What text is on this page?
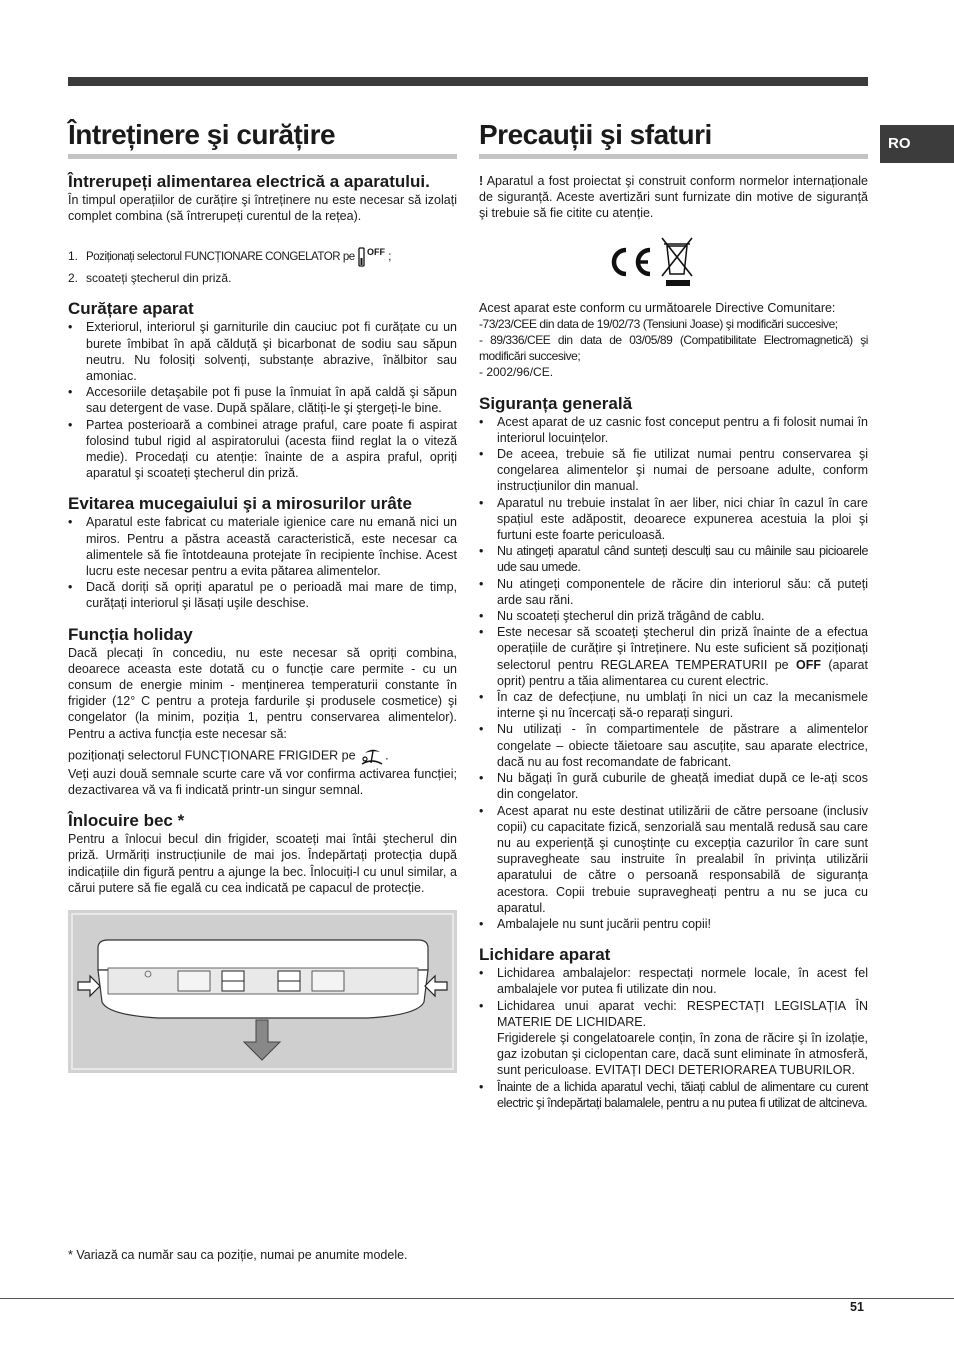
RO
Întreținere şi curățire
Întrerupeți alimentarea electrică a aparatului.

În timpul operațiilor de curățire şi întreținere nu este necesar să izolați complet combina (să întrerupeți curentul de la rețea).

1. Poziționați selectorul FUNCȚIONARE CONGELATOR pe OFF ;
2. scoateți ştecherul din priză.
Curățare aparat
• Exteriorul, interiorul şi garniturile din cauciuc pot fi curățate cu un burete îmbibat în apă călduță şi bicarbonat de sodiu sau săpun neutru. Nu folosiți solvenți, substanțe abrazive, înălbitor sau amoniac.
• Accesoriile detaşabile pot fi puse la înmuiat în apă caldă şi săpun sau detergent de vase. După spălare, clătiți-le şi ştergeți-le bine.
• Partea posterioară a combinei atrage praful, care poate fi aspirat folosind tubul rigid al aspiratorului (acesta fiind reglat la o viteză medie). Procedați cu atenție: înainte de a aspira praful, opriți aparatul şi scoateți ştecherul din priză.
Evitarea mucegaiului şi a mirosurilor urâte
• Aparatul este fabricat cu materiale igienice care nu emană nici un miros. Pentru a păstra această caracteristică, este necesar ca alimentele să fie întotdeauna protejate în recipiente închise. Acest lucru este necesar pentru a evita pătarea alimentelor.
• Dacă doriți să opriți aparatul pe o perioadă mai mare de timp, curățați interiorul şi lăsați uşile deschise.
Funcția holiday

Dacă plecați în concediu, nu este necesar să opriți combina, deoarece aceasta este dotată cu o funcție care permite - cu un consum de energie minim - menținerea temperaturii constante în frigider (12° C pentru a proteja fardurile şi produsele cosmetice) şi congelator (la minim, poziția 1, pentru conservarea alimentelor). Pentru a activa funcția este necesar să:

poziționați selectorul FUNCȚIONARE FRIGIDER pe .

Veți auzi două semnale scurte care vă vor confirma activarea funcției; dezactivarea vă va fi indicată printr-un singur semnal.

Înlocuire bec *

Pentru a înlocui becul din frigider, scoateți mai întâi ştecherul din priză. Urmăriți instrucțiunile de mai jos. Îndepărtați protecția după indicațiile din figură pentru a ajunge la bec. Înlocuiți-l cu unul similar, a cărui putere să fie egală cu cea indicată pe capacul de protecție.

Precauții şi sfaturi

! Aparatul a fost proiectat şi construit conform normelor internaționale de siguranță. Aceste avertizări sunt furnizate din motive de siguranță şi trebuie să fie citite cu atenție.

Acest aparat este conform cu următoarele Directive Comunitare:

-73/23/CEE din data de 19/02/73 (Tensiuni Joase) şi modificări succesive;

- 89/336/CEE din data de 03/05/89 (Compatibilitate Electromagnetică) şi modificări succesive;

- 2002/96/CE.

Siguranța generală
• Acest aparat de uz casnic fost conceput pentru a fi folosit numai în interiorul locuințelor.
• De aceea, trebuie să fie utilizat numai pentru conservarea şi congelarea alimentelor şi numai de persoane adulte, conform instrucțiunilor din manual.
• Aparatul nu trebuie instalat în aer liber, nici chiar în cazul în care spațiul este adăpostit, deoarece expunerea acestuia la ploi şi furtuni este foarte periculoasă.
• Nu atingeți aparatul când sunteți desculți sau cu mâinile sau picioarele ude sau umede.
• Nu atingeți componentele de răcire din interiorul său: că puteți arde sau răni.
• Nu scoateți ştecherul din priză trăgând de cablu.
• Este necesar să scoateți ştecherul din priză înainte de a efectua operațiile de curățire şi întreținere. Nu este suficient să poziționați selectorul pentru REGLAREA TEMPERATURII pe OFF (aparat oprit) pentru a tăia alimentarea cu curent electric.
• În caz de defecțiune, nu umblați în nici un caz la mecanismele interne şi nu încercați să-o reparați singuri.
• Nu utilizați - în compartimentele de păstrare a alimentelor congelate – obiecte tăietoare sau ascuțite, sau aparate electrice, dacă nu au fost recomandate de fabricant.
• Nu băgați în gură cuburile de gheață imediat după ce le-ați scos din congelator.
• Acest aparat nu este destinat utilizării de către persoane (inclusiv copii) cu capacitate fizică, senzorială sau mentală redusă sau care nu au experiență şi cunoştințe cu excepția cazurilor în care sunt supravegheate sau instruite în prealabil în privința utilizării aparatului de către o persoană responsabilă de siguranța acestora. Copii trebuie supravegheați pentru a nu se juca cu aparatul.
• Ambalajele nu sunt jucării pentru copii!
Lichidare aparat
• Lichidarea ambalajelor: respectați normele locale, în acest fel ambalajele vor putea fi utilizate din nou.
• Lichidarea unui aparat vechi: RESPECTAȚI LEGISLAȚIA ÎN MATERIE DE LICHIDARE.
Frigiderele şi congelatoarele conțin, în zona de răcire şi în izolație, gaz izobutan şi ciclopentan care, dacă sunt eliminate în atmosferă, sunt periculoase. EVITAȚI DECI DETERIORAREA TUBURILOR.
• Înainte de a lichida aparatul vechi, tăiați cablul de alimentare cu curent electric şi îndepărtați balamalele, pentru a nu putea fi utilizat de altcineva.
* Variază ca număr sau ca poziție, numai pe anumite modele.
51
